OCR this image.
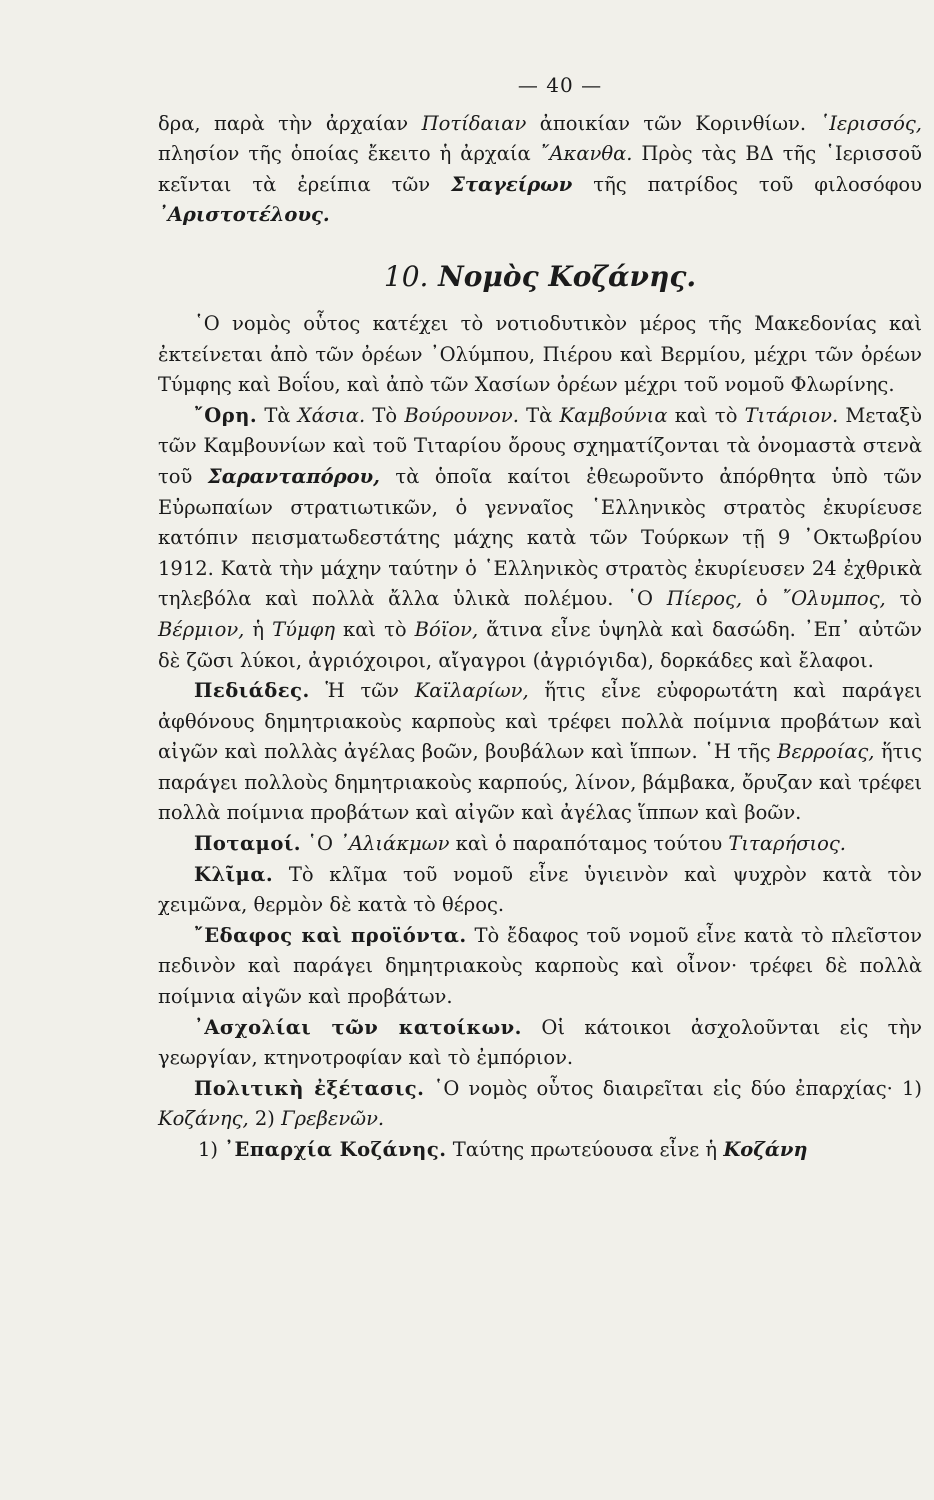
— 40 —

δρα, παρὰ τὴν ἀρχαίαν Ποτίδαιαν ἀποικίαν τῶν Κορινθίων. ῾Ιερισσός, πλησίον τῆς ὁποίας ἔκειτο ἡ ἀρχαία ῎Ακανθα. Πρὸς τὰς ΒΔ τῆς ῾Ιερισσοῦ κεῖνται τὰ ἐρείπια τῶν Σταγείρων τῆς πατρίδος τοῦ φιλοσόφου ᾿Αριστοτέλους.

10. Νομὸς Κοζάνης.

῾Ο νομὸς οὗτος κατέχει τὸ νοτιοδυτικὸν μέρος τῆς Μακεδονίας καὶ ἐκτείνεται ἀπὸ τῶν ὀρέων ᾿Ολύμπου, Πιέρου καὶ Βερμίου, μέχρι τῶν ὀρέων Τύμφης καὶ Βοΐου, καὶ ἀπὸ τῶν Χασίων ὀρέων μέχρι τοῦ νομοῦ Φλωρίνης.

῎Ορη. Τὰ Χάσια. Τὸ Βούρουνον. Τὰ Καμβούνια καὶ τὸ Τιτάριον. Μεταξὺ τῶν Καμβουνίων καὶ τοῦ Τιταρίου ὄρους σχηματίζονται τὰ ὀνομαστὰ στενὰ τοῦ Σαρανταπόρου, τὰ ὁποῖα καίτοι ἐθεωροῦντο ἀπόρθητα ὑπὸ τῶν Εὐρωπαίων στρατιωτικῶν, ὁ γενναῖος ῾Ελληνικὸς στρατὸς ἐκυρίευσε κατόπιν πεισματωδεστάτης μάχης κατὰ τῶν Τούρκων τῇ 9 ᾿Οκτωβρίου 1912. Κατὰ τὴν μάχην ταύτην ὁ ῾Ελληνικὸς στρατὸς ἐκυρίευσεν 24 ἐχθρικὰ τηλεβόλα καὶ πολλὰ ἄλλα ὑλικὰ πολέμου. ῾Ο Πίερος, ὁ ῎Ολυμπος, τὸ Βέρμιον, ἡ Τύμφη καὶ τὸ Βόϊον, ἅτινα εἶνε ὑψηλὰ καὶ δασώδη. ᾿Επ᾿ αὐτῶν δὲ ζῶσι λύκοι, ἀγριόχοιροι, αἴγαγροι (ἀγριόγιδα), δορκάδες καὶ ἔλαφοι.

Πεδιάδες. Ἡ τῶν Καϊλαρίων, ἥτις εἶνε εὐφορωτάτη καὶ παράγει ἀφθόνους δημητριακοὺς καρποὺς καὶ τρέφει πολλὰ ποίμνια προβάτων καὶ αἰγῶν καὶ πολλὰς ἀγέλας βοῶν, βουβάλων καὶ ἵππων. ῾Η τῆς Βερροίας, ἥτις παράγει πολλοὺς δημητριακοὺς καρπούς, λίνον, βάμβακα, ὄρυζαν καὶ τρέφει πολλὰ ποίμνια προβάτων καὶ αἰγῶν καὶ ἀγέλας ἵππων καὶ βοῶν.

Ποταμοί. ῾Ο ᾿Αλιάκμων καὶ ὁ παραπόταμος τούτου Τιταρήσιος.

Κλῖμα. Τὸ κλῖμα τοῦ νομοῦ εἶνε ὑγιεινὸν καὶ ψυχρὸν κατὰ τὸν χειμῶνα, θερμὸν δὲ κατὰ τὸ θέρος.

῎Εδαφος καὶ προϊόντα. Τὸ ἔδαφος τοῦ νομοῦ εἶνε κατὰ τὸ πλεῖστον πεδινὸν καὶ παράγει δημητριακοὺς καρποὺς καὶ οἶνον· τρέφει δὲ πολλὰ ποίμνια αἰγῶν καὶ προβάτων.

᾿Ασχολίαι τῶν κατοίκων. Οἱ κάτοικοι ἀσχολοῦνται εἰς τὴν γεωργίαν, κτηνοτροφίαν καὶ τὸ ἐμπόριον.

Πολιτικὴ ἐξέτασις. ῾Ο νομὸς οὗτος διαιρεῖται εἰς δύο ἐπαρχίας· 1) Κοζάνης, 2) Γρεβενῶν.

1) ᾿Επαρχία Κοζάνης. Ταύτης πρωτεύουσα εἶνε ἡ Κοζάνη
